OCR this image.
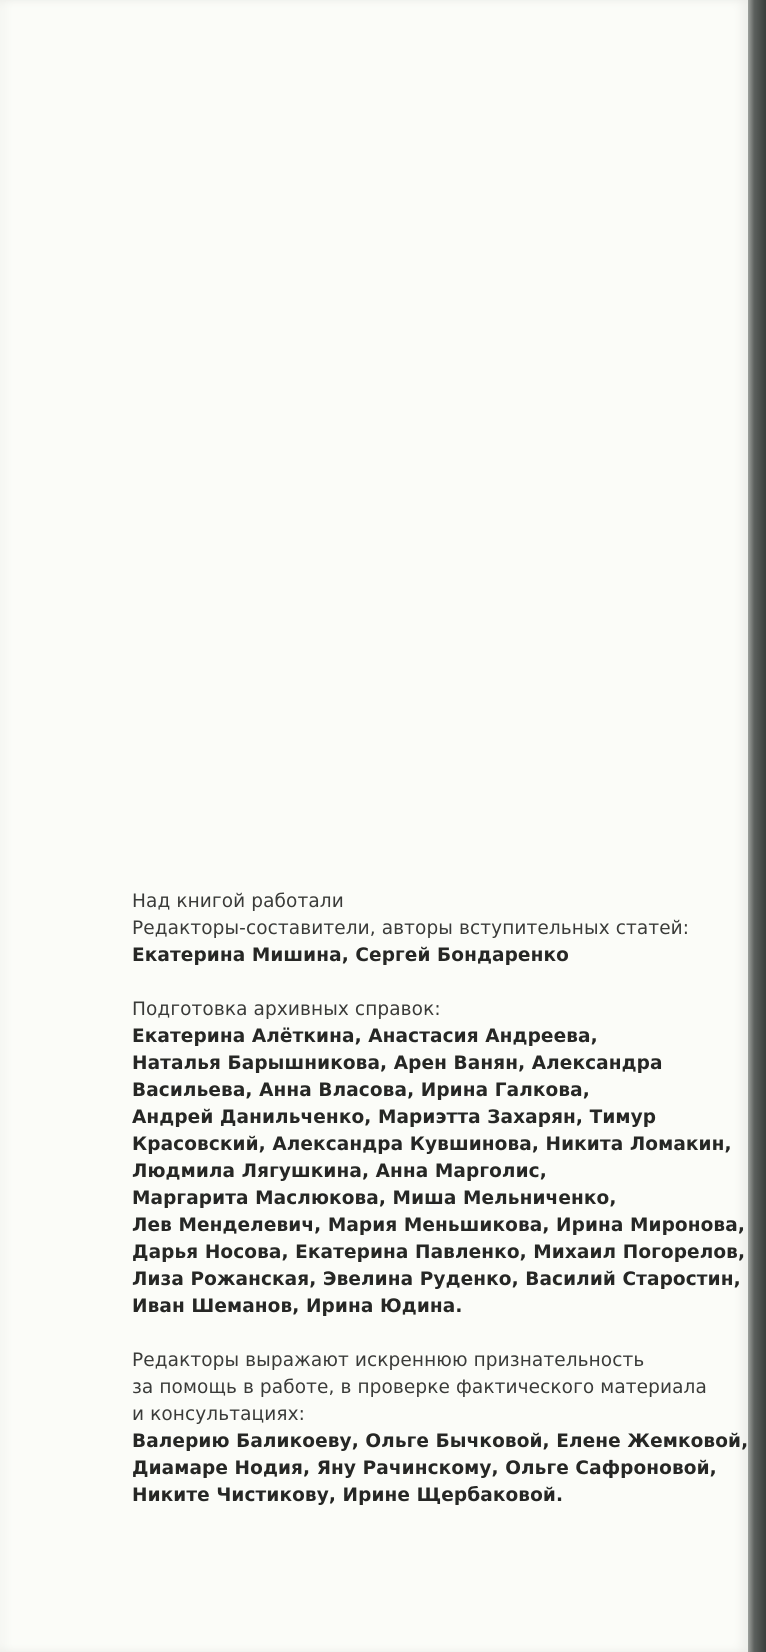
Над книгой работали
Редакторы-составители, авторы вступительных статей:
Екатерина Мишина, Сергей Бондаренко
Подготовка архивных справок:
Екатерина Алёткина, Анастасия Андреева,
Наталья Барышникова, Арен Ванян, Александра
Васильева, Анна Власова, Ирина Галкова,
Андрей Данильченко, Мариэтта Захарян, Тимур
Красовский, Александра Кувшинова, Никита Ломакин,
Людмила Лягушкина, Анна Марголис,
Маргарита Маслюкова, Миша Мельниченко,
Лев Менделевич, Мария Меньшикова, Ирина Миронова,
Дарья Носова, Екатерина Павленко, Михаил Погорелов,
Лиза Рожанская, Эвелина Руденко, Василий Старостин,
Иван Шеманов, Ирина Юдина.
Редакторы выражают искреннюю признательность
за помощь в работе, в проверке фактического материала
и консультациях:
Валерию Баликоеву, Ольге Бычковой, Елене Жемковой,
Диамаре Нодия, Яну Рачинскому, Ольге Сафроновой,
Никите Чистикову, Ирине Щербаковой.
